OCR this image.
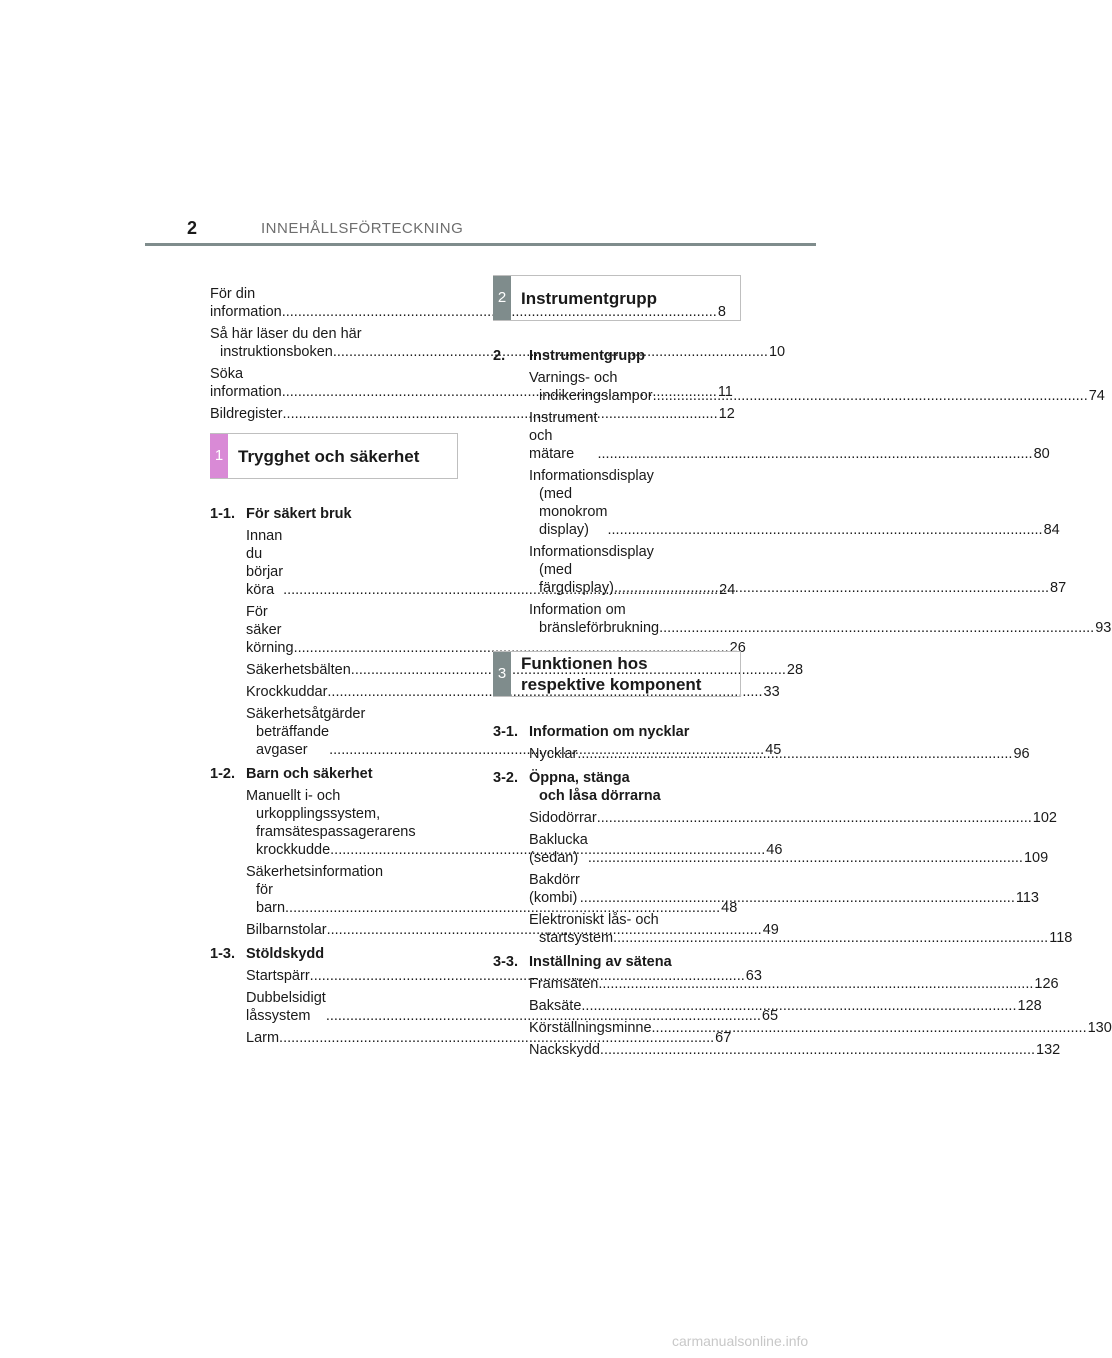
2	INNEHÅLLSFÖRTECKNING
För din information .....	8
Så här läser du den här
instruktionsboken .....	10
Söka information .....	11
Bildregister .....	12
1 Trygghet och säkerhet
1-1. För säkert bruk
Innan du börjar köra .....	24
För säker körning .....	26
Säkerhetsbälten .....	28
Krockkuddar .....	33
Säkerhetsåtgärder
beträffande avgaser .....	45
1-2. Barn och säkerhet
Manuellt i- och
urkopplingssystem,
framsätespassagerarens
krockkudde .....	46
Säkerhetsinformation
för barn .....	48
Bilbarnstolar .....	49
1-3. Stöldskydd
Startspärr .....	63
Dubbelsidigt låssystem .....	65
Larm .....	67
2 Instrumentgrupp
2.	Instrumentgrupp
Varnings- och
indikeringslampor .....	74
Instrument och mätare .....	80
Informationsdisplay
(med monokrom display) .....	84
Informationsdisplay
(med färgdisplay) .....	87
Information om
bränsleförbrukning .....	93
3
Funktionen hos
respektive komponent
3-1. Information om nycklar
Nycklar .....	96
3-2. Öppna, stänga
och låsa dörrarna
Sidodörrar .....	102
Baklucka (sedan) .....	109
Bakdörr (kombi) .....	113
Elektroniskt lås- och
startsystem .....	118
3-3. Inställning av sätena
Framsäten .....	126
Baksäte .....	128
Körställningsminne .....	130
Nackskydd .....	132
carmanualsonline.info
